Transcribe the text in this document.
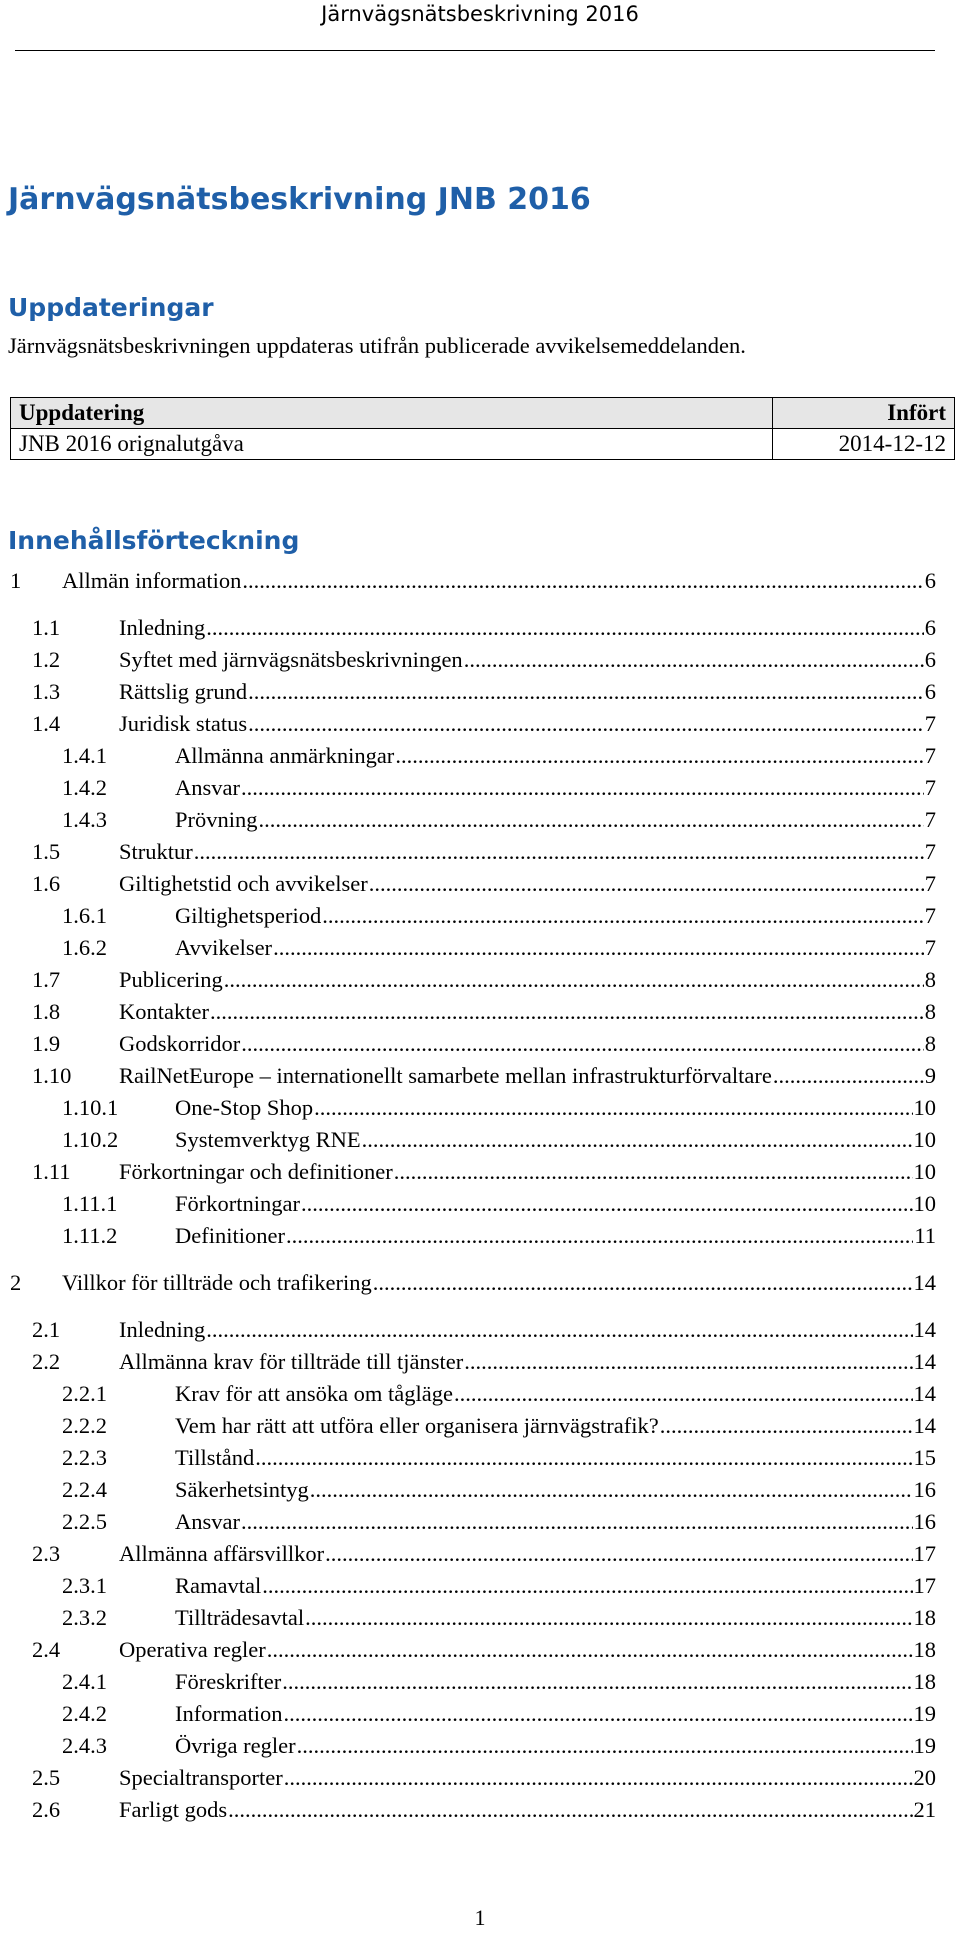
Järnvägsnätsbeskrivning 2016
Järnvägsnätsbeskrivning JNB 2016
Uppdateringar
Järnvägsnätsbeskrivningen uppdateras utifrån publicerade avvikelsemeddelanden.
Uppdatering	Infört
JNB 2016 orignalutgåva	2014-12-12
Innehållsförteckning
1 Allmän information .....	6
1.1	Inledning .....	6
1.2	Syftet med järnvägsnätsbeskrivningen .....	6
1.3	Rättslig grund .....	6
1.4	Juridisk status .....	7
1.4.1	Allmänna anmärkningar .....	7
1.4.2	Ansvar .....	7
1.4.3	Prövning .....	7
1.5	Struktur .....	7
1.6	Giltighetstid och avvikelser .....	7
1.6.1	Giltighetsperiod .....	7
1.6.2	Avvikelser .....	7
1.7	Publicering .....	8
1.8	Kontakter .....	8
1.9	Godskorridor .....	8
1.10 RailNetEurope – internationellt samarbete mellan infrastrukturförvaltare .....	9
1.10.1	One-Stop Shop .....	10
1.10.2	Systemverktyg RNE .....	10
1.11 Förkortningar och definitioner .....	10
1.11.1	Förkortningar .....	10
1.11.2	Definitioner .....	11
2 Villkor för tillträde och trafikering .....	14
2.1	Inledning .....	14
2.2	Allmänna krav för tillträde till tjänster .....	14
2.2.1	Krav för att ansöka om tågläge .....	14
2.2.2	Vem har rätt att utföra eller organisera järnvägstrafik? .....	14
2.2.3	Tillstånd .....	15
2.2.4	Säkerhetsintyg .....	16
2.2.5	Ansvar .....	16
2.3	Allmänna affärsvillkor .....	17
2.3.1	Ramavtal .....	17
2.3.2	Tillträdesavtal .....	18
2.4	Operativa regler .....	18
2.4.1	Föreskrifter .....	18
2.4.2	Information .....	19
2.4.3	Övriga regler .....	19
2.5	Specialtransporter .....	20
2.6	Farligt gods .....	21
1
